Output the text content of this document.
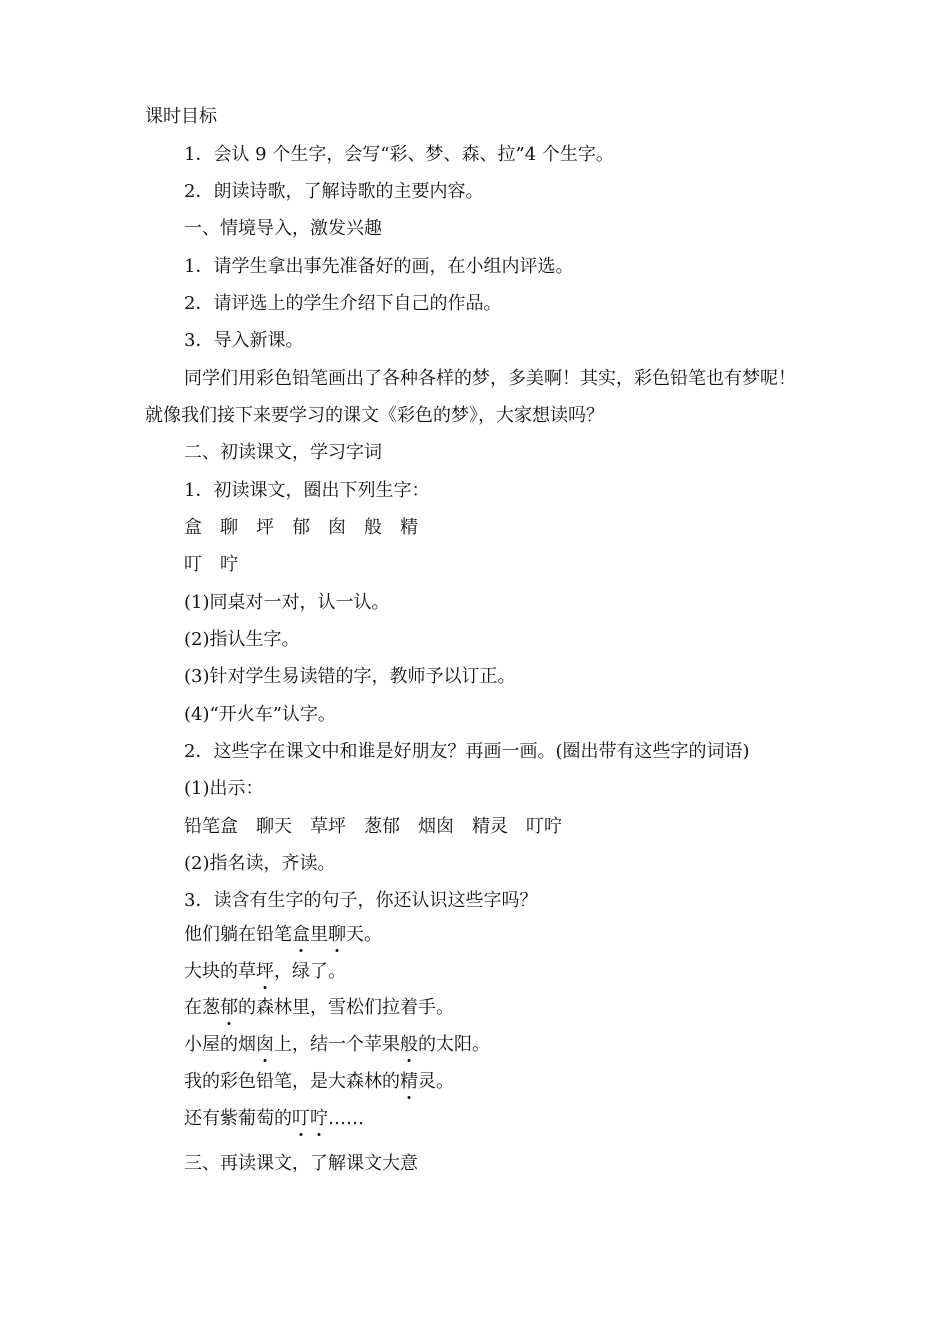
课时目标
1．会认 9 个生字，会写“彩、梦、森、拉”4 个生字。
2．朗读诗歌，了解诗歌的主要内容。
一、情境导入，激发兴趣
1．请学生拿出事先准备好的画，在小组内评选。
2．请评选上的学生介绍下自己的作品。
3．导入新课。
同学们用彩色铅笔画出了各种各样的梦，多美啊！其实，彩色铅笔也有梦呢！
就像我们接下来要学习的课文《彩色的梦》，大家想读吗？
二、初读课文，学习字词
1．初读课文，圈出下列生字：
盒　聊　坪　郁　囱　般　精
叮　咛
(1)同桌对一对，认一认。
(2)指认生字。
(3)针对学生易读错的字，教师予以订正。
(4)“开火车”认字。
2．这些字在课文中和谁是好朋友？再画一画。(圈出带有这些字的词语)
(1)出示：
铅笔盒　聊天　草坪　葱郁　烟囱　精灵　叮咛
(2)指名读，齐读。
3．读含有生字的句子，你还认识这些字吗？
他们躺在铅笔盒里聊天。
大块的草坪，绿了。
在葱郁的森林里，雪松们拉着手。
小屋的烟囱上，结一个苹果般的太阳。
我的彩色铅笔，是大森林的精灵。
还有紫葡萄的叮咛……
三、再读课文，了解课文大意
